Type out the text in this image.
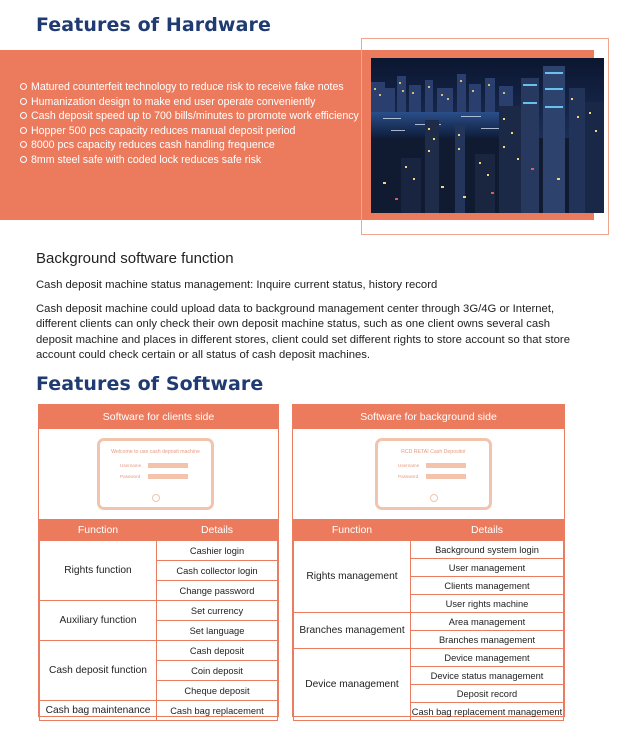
Features of Hardware
Matured counterfeit technology to reduce risk to receive fake notes
Humanization design to make end user operate conveniently
Cash deposit speed up to 700 bills/minutes to promote work efficiency
Hopper 500 pcs capacity reduces manual deposit period
8000 pcs capacity reduces cash handling frequence
8mm steel safe with coded lock reduces safe risk
Background software function
Cash deposit machine status management: Inquire current status, history record

Cash deposit machine could upload data to background management center through 3G/4G or Internet, different clients can only check their own deposit machine status, such as one client owns several cash deposit machine and places in different stores, client could set different rights to store account so that store account could check certain or all status of cash deposit machines.

Features of Software
Software for clients side
Welcome to use cash deposit machine
Username
Password
Function	Details
Rights function	Cashier login
	Cash collector login
	Change password
Auxiliary function	Set currency
	Set language
Cash deposit function	Cash deposit
	Coin deposit
	Cheque deposit
Cash bag maintenance	Cash bag replacement
Software for background side
RCD RETAI Cash Depositor
Username
Password
Function	Details
Rights management	Background system login
	User management
	Clients management
	User rights machine
Branches management	Area management
	Branches management
Device management	Device management
	Device status management
	Deposit record
	Cash bag replacement management
